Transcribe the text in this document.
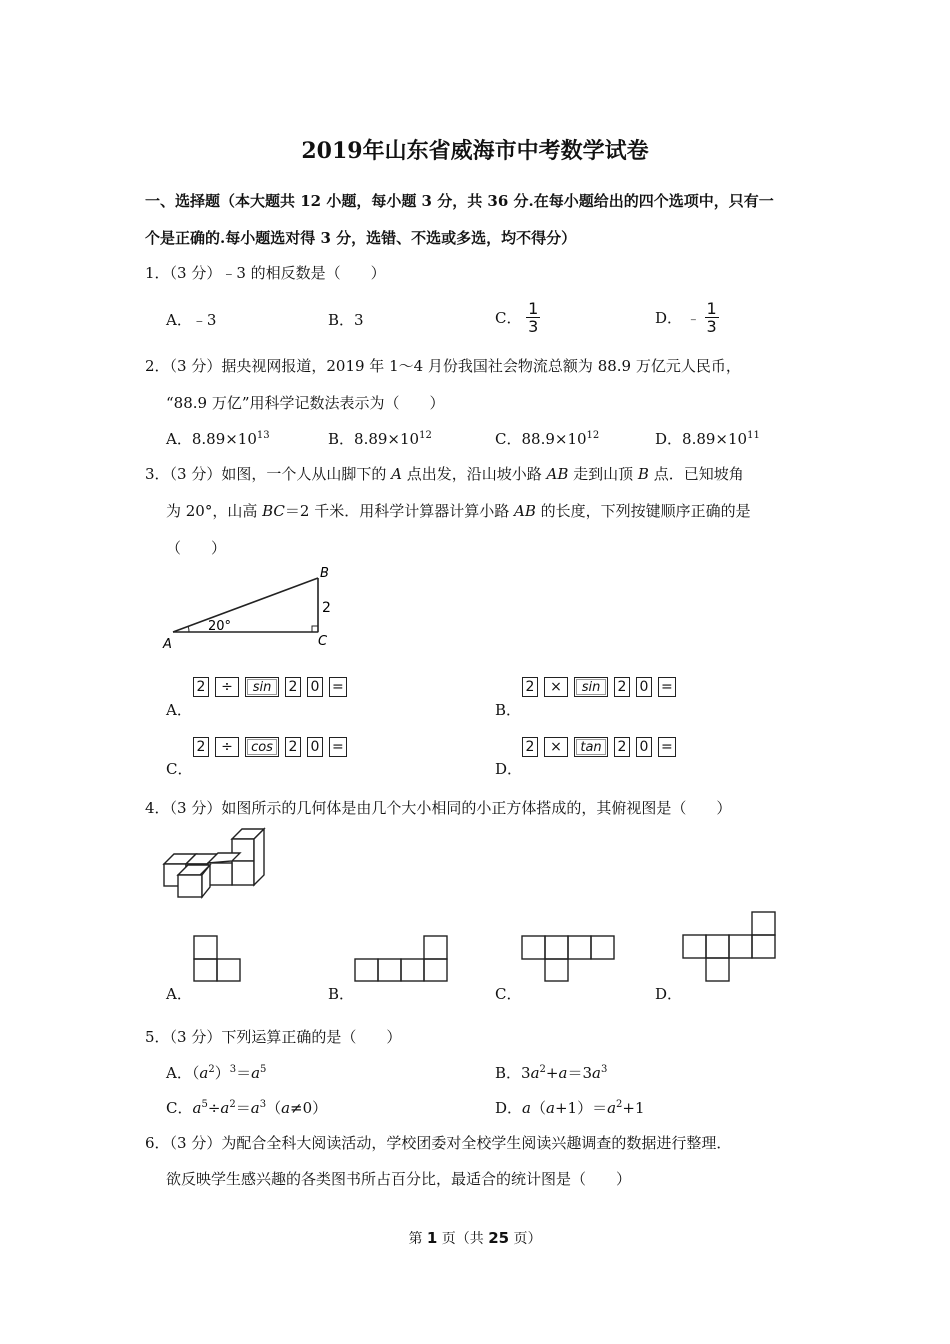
2019年山东省威海市中考数学试卷
一、选择题（本大题共 12 小题，每小题 3 分，共 36 分.在每小题给出的四个选项中，只有一
个是正确的.每小题选对得 3 分，选错、不选或多选，均不得分）
1．（3 分）﹣3 的相反数是（　　）
A．﹣3	B．3	C． $\frac{1}{3}$	D． ﹣ $\frac{1}{3}$
2．（3 分）据央视网报道，2019 年 1～4 月份我国社会物流总额为 88.9 万亿元人民币，
“88.9 万亿”用科学记数法表示为（　　）
A．$8.89\times 10^{13}$	B．$8.89\times 10^{12}$	C．$88.9\times 10^{12}$	D．$8.89\times 10^{11}$
3．（3 分）如图，一个人从山脚下的 A 点出发，沿山坡小路 AB 走到山顶 B 点．已知坡角
为 20°，山高 BC＝2 千米．用科学计算器计算小路 AB 的长度，下列按键顺序正确的是
（　　）
B
A	C
2
20°
A．
2	÷	sin	2 0 =
B．
2	×	sin	2 0 =
C．
2	÷	cos	2 0 =
D．
2	×	tan	2 0 =
4．（3 分）如图所示的几何体是由几个大小相同的小正方体搭成的，其俯视图是（　　）
A．	B．	C．	D．
5．（3 分）下列运算正确的是（　　）
A．$(a^2)^3=a^5$	B．$3a^2+a=3a^3$
C．$a^5\div a^2=a^3(a\ne 0)$	D．$a(a+1)=a^2+1$
6．（3 分）为配合全科大阅读活动，学校团委对全校学生阅读兴趣调查的数据进行整理．
欲反映学生感兴趣的各类图书所占百分比，最适合的统计图是（　　）
第 1 页（共 25 页）
